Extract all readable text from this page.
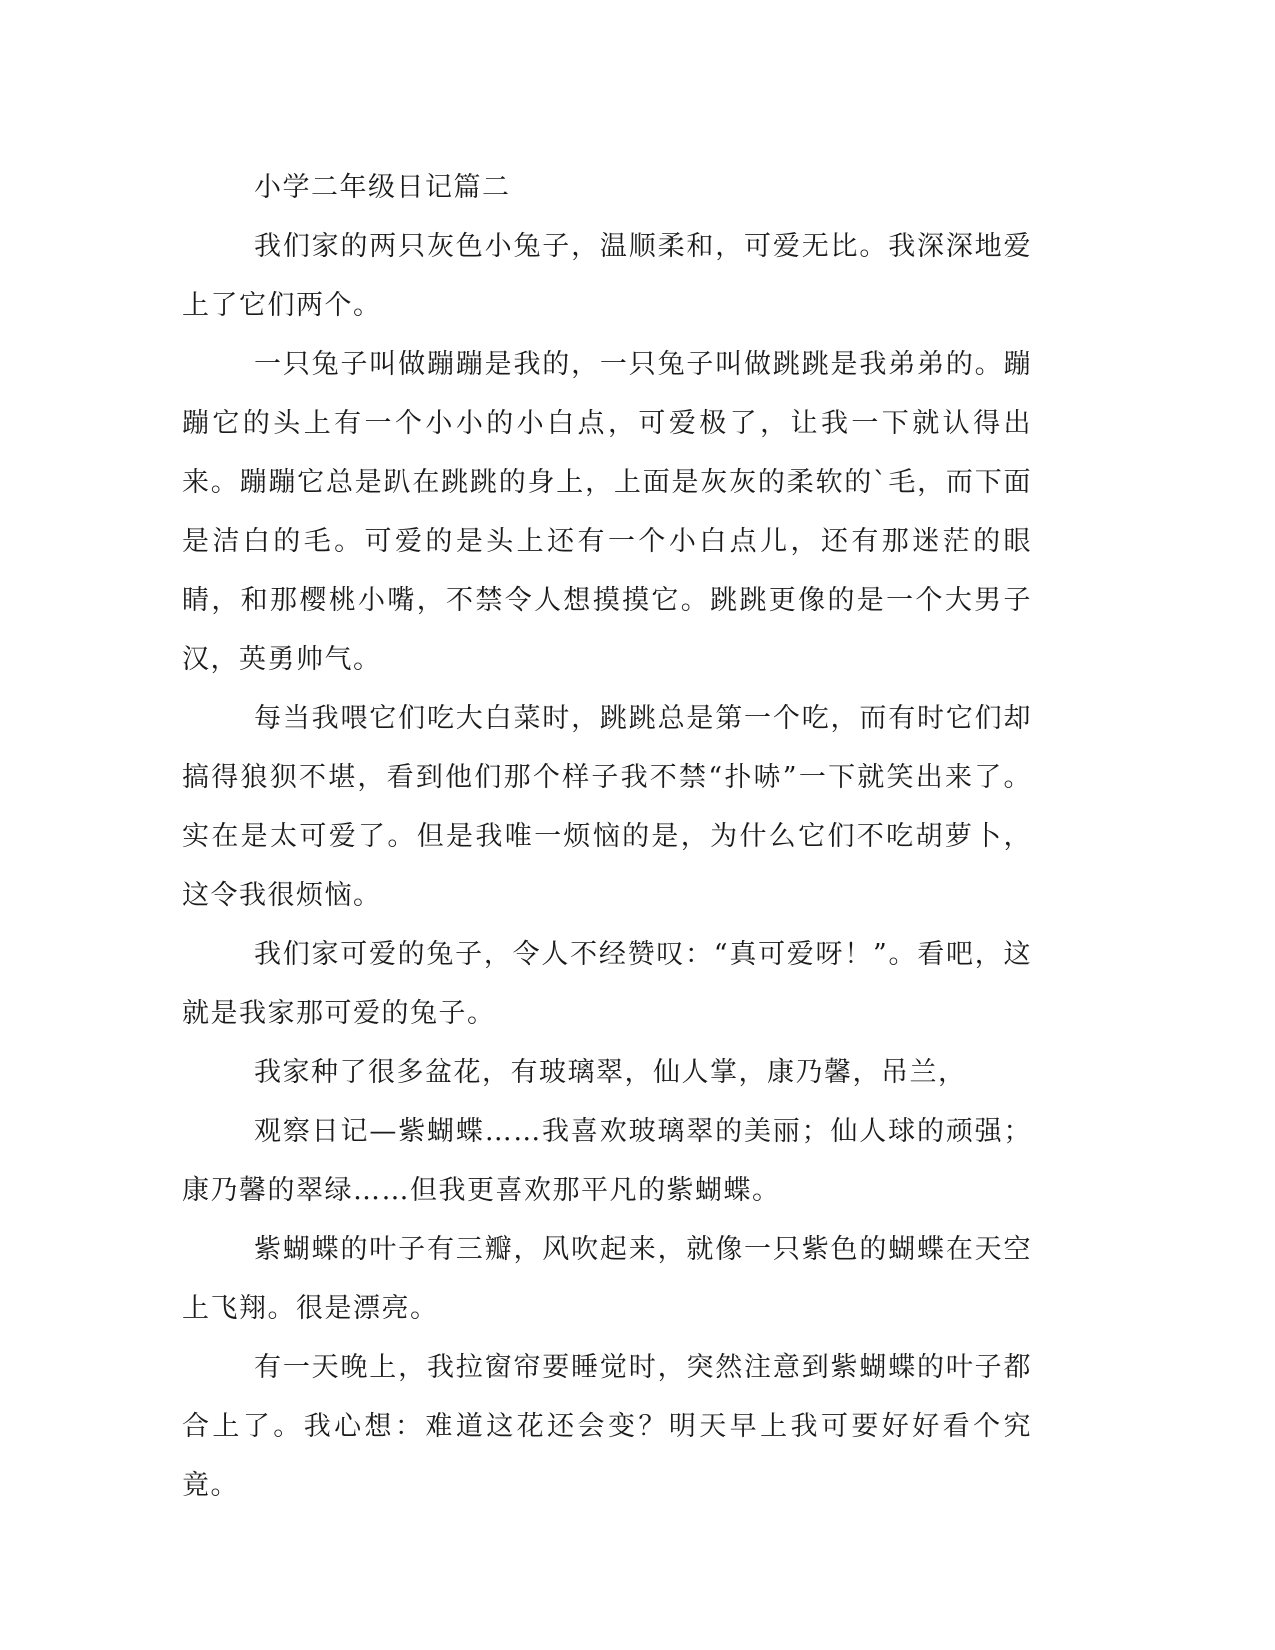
小学二年级日记篇二

我们家的两只灰色小兔子，温顺柔和，可爱无比。我深深地爱上了它们两个。

一只兔子叫做蹦蹦是我的，一只兔子叫做跳跳是我弟弟的。蹦蹦它的头上有一个小小的小白点，可爱极了，让我一下就认得出来。蹦蹦它总是趴在跳跳的身上，上面是灰灰的柔软的`毛，而下面是洁白的毛。可爱的是头上还有一个小白点儿，还有那迷茫的眼睛，和那樱桃小嘴，不禁令人想摸摸它。跳跳更像的是一个大男子汉，英勇帅气。

每当我喂它们吃大白菜时，跳跳总是第一个吃，而有时它们却搞得狼狈不堪，看到他们那个样子我不禁“扑哧”一下就笑出来了。实在是太可爱了。但是我唯一烦恼的是，为什么它们不吃胡萝卜，这令我很烦恼。

我们家可爱的兔子，令人不经赞叹：“真可爱呀！”。看吧，这就是我家那可爱的兔子。

我家种了很多盆花，有玻璃翠，仙人掌，康乃馨，吊兰，

观察日记—紫蝴蝶……我喜欢玻璃翠的美丽；仙人球的顽强；康乃馨的翠绿……但我更喜欢那平凡的紫蝴蝶。

紫蝴蝶的叶子有三瓣，风吹起来，就像一只紫色的蝴蝶在天空上飞翔。很是漂亮。

有一天晚上，我拉窗帘要睡觉时，突然注意到紫蝴蝶的叶子都合上了。我心想：难道这花还会变？明天早上我可要好好看个究竟。
